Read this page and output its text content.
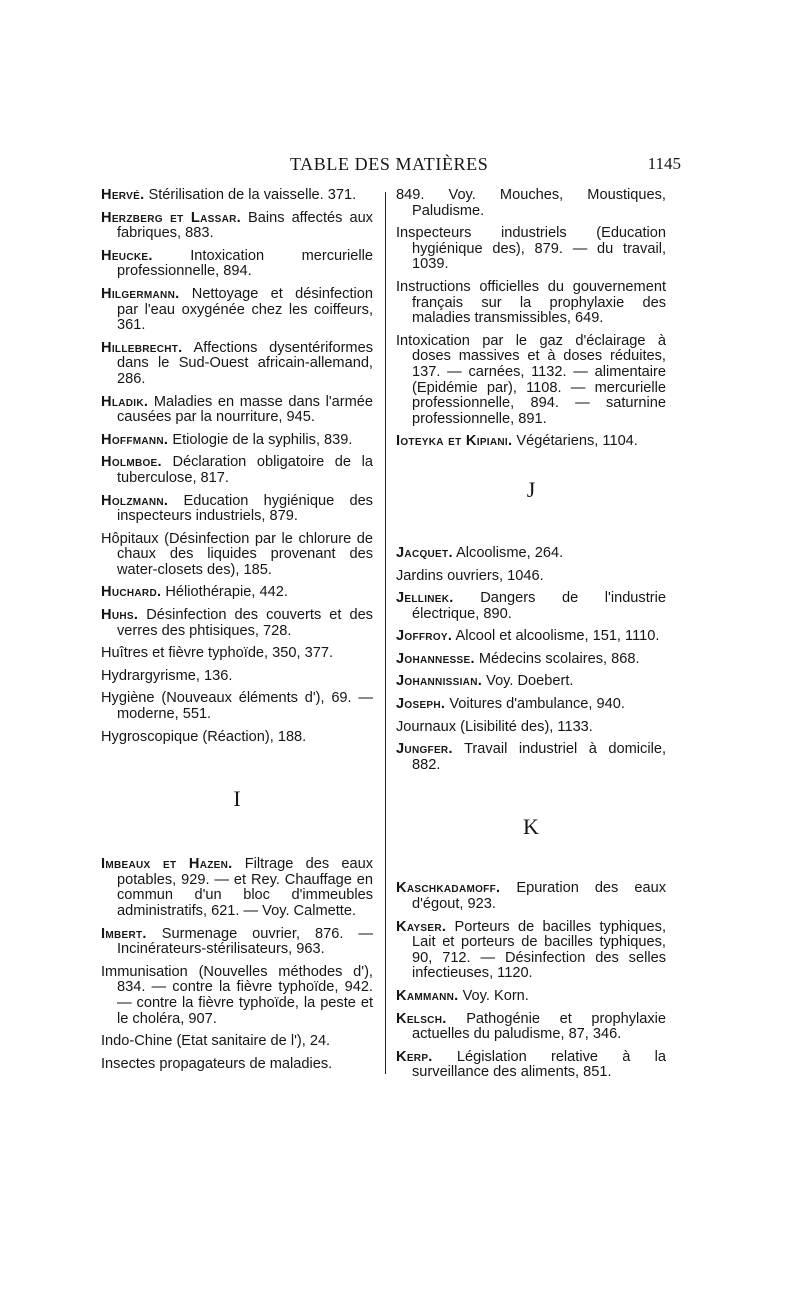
TABLE DES MATIÈRES	1145

Hervé. Stérilisation de la vaisselle. 371.

Herzberg et Lassar. Bains affectés aux fabriques, 883.

Heucke.	Intoxication mercurielle professionnelle, 894.

Hilgermann. Nettoyage et désinfection par l'eau oxygénée chez les coiffeurs, 361.

Hillebrecht. Affections dysentériformes dans le Sud-Ouest africain-allemand, 286.

Hladik. Maladies en masse dans l'armée causées par la nourriture, 945.

Hoffmann. Etiologie de la syphilis, 839.

Holmboe. Déclaration obligatoire de la tuberculose, 817.

Holzmann. Education hygiénique des inspecteurs industriels, 879.

Hôpitaux (Désinfection par le chlorure de chaux des liquides provenant des water-closets des), 185.

Huchard. Héliothérapie, 442.

Huhs. Désinfection des couverts et des verres des phtisiques, 728.

Huîtres et fièvre typhoïde, 350, 377.

Hydrargyrisme, 136.

Hygiène (Nouveaux éléments d'), 69. — moderne, 551.

Hygroscopique (Réaction), 188.

I

Imbeaux et Hazen. Filtrage des eaux potables, 929. — et Rey. Chauffage en commun d'un bloc d'immeubles administratifs, 621. — Voy. Calmette.

Imbert. Surmenage ouvrier, 876. — Incinérateurs-stérilisateurs, 963.

Immunisation (Nouvelles méthodes d'), 834. — contre la fièvre typhoïde, 942. — contre la fièvre typhoïde, la peste et le choléra, 907.

Indo-Chine (Etat sanitaire de l'), 24.

Insectes propagateurs de maladies.

849. Voy. Mouches, Moustiques, Paludisme.

Inspecteurs industriels (Education hygiénique des), 879. — du travail, 1039.

Instructions officielles du gouvernement français sur la prophylaxie des maladies transmissibles, 649.

Intoxication par le gaz d'éclairage à doses massives et à doses réduites, 137. — carnées, 1132. — alimentaire (Epidémie par), 1108. — mercurielle professionnelle, 894. — saturnine professionnelle, 891.

Ioteyka et Kipiani. Végétariens, 1104.

J

Jacquet. Alcoolisme, 264.

Jardins ouvriers, 1046.

Jellinek. Dangers de l'industrie électrique, 890.

Joffroy. Alcool et alcoolisme, 151, 1110.

Johannesse. Médecins scolaires, 868.

Johannissian. Voy. Doebert.

Joseph. Voitures d'ambulance, 940.

Journaux (Lisibilité des), 1133.

Jungfer. Travail industriel à domicile, 882.

K

Kaschkadamoff. Epuration des eaux d'égout, 923.

Kayser. Porteurs de bacilles typhiques, Lait et porteurs de bacilles typhiques, 90, 712. — Désinfection des selles infectieuses, 1120.

Kammann. Voy. Korn.

Kelsch. Pathogénie et prophylaxie actuelles du paludisme, 87, 346.

Kerp. Législation relative à la surveillance des aliments, 851.
